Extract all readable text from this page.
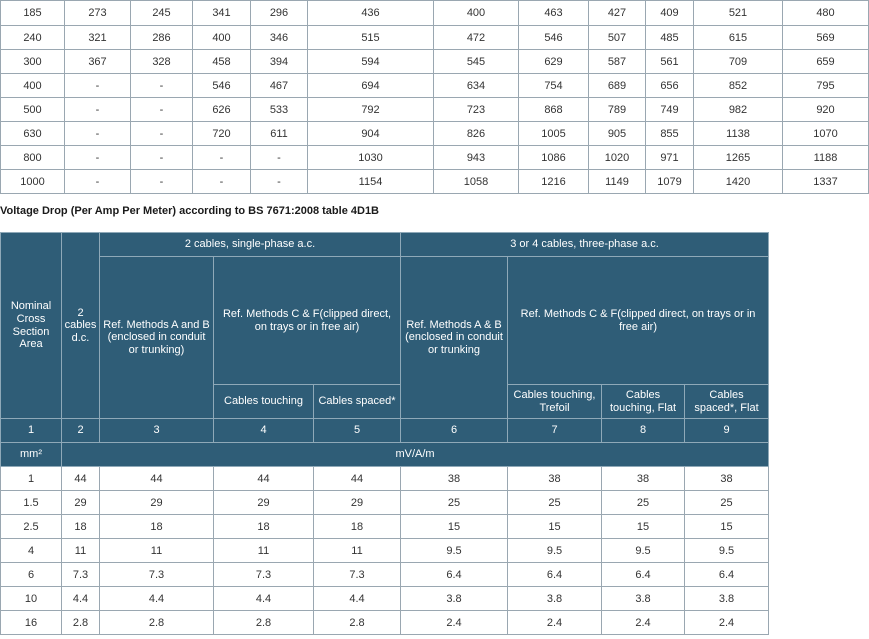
185	273	245	341	296	436	400	463	427	409	521	480
240	321	286	400	346	515	472	546	507	485	615	569
300	367	328	458	394	594	545	629	587	561	709	659
400	-	-	546	467	694	634	754	689	656	852	795
500	-	-	626	533	792	723	868	789	749	982	920
630	-	-	720	611	904	826	1005	905	855	1138	1070
800	-	-	-	-	1030	943	1086	1020	971	1265	1188
1000	-	-	-	-	1154	1058	1216	1149	1079	1420	1337
Voltage Drop (Per Amp Per Meter) according to BS 7671:2008 table 4D1B
Nominal Cross Section Area	2 cables d.c.	2 cables, single-phase a.c.			3 or 4 cables, three-phase a.c.			
		Ref. Methods A and B (enclosed in conduit or trunking)	Ref. Methods C & F(clipped direct, on trays or in free air)		Ref. Methods A & B (enclosed in conduit or trunking	Ref. Methods C & F(clipped direct, on trays or in free air)		
			Cables touching	Cables spaced*		Cables touching, Trefoil	Cables touching, Flat	Cables spaced*, Flat
1	2	3	4	5	6	7	8	9
mm²	mV/A/m							
1	44	44	44	44	38	38	38	38
1.5	29	29	29	29	25	25	25	25
2.5	18	18	18	18	15	15	15	15
4	11	11	11	11	9.5	9.5	9.5	9.5
6	7.3	7.3	7.3	7.3	6.4	6.4	6.4	6.4
10	4.4	4.4	4.4	4.4	3.8	3.8	3.8	3.8
16	2.8	2.8	2.8	2.8	2.4	2.4	2.4	2.4
